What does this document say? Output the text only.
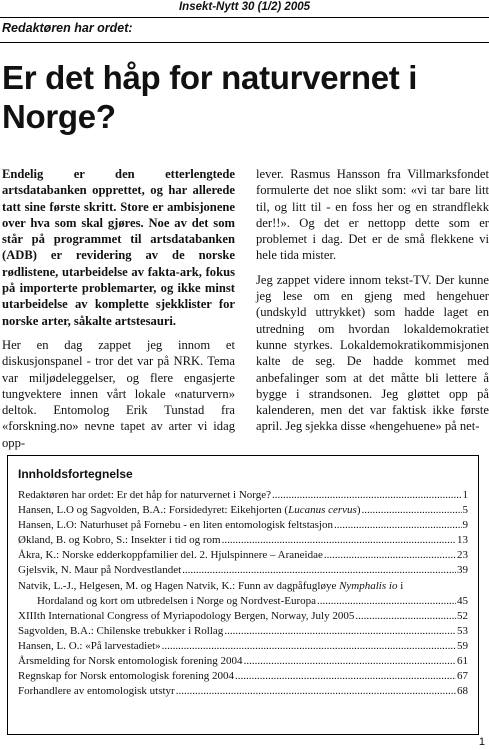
Insekt-Nytt 30 (1/2) 2005
Redaktøren har ordet:
Er det håp for naturvernet i Norge?

Endelig er den etterlengtede artsdatabanken opprettet, og har allerede tatt sine første skritt. Store er ambisjonene over hva som skal gjøres. Noe av det som står på programmet til artsdatabanken (ADB) er revidering av de norske rødlistene, utarbeidelse av fakta-ark, fokus på importerte problemarter, og ikke minst utarbeidelse av komplette sjekklister for norske arter, såkalte artstesauri.

Her en dag zappet jeg innom et diskusjonspanel - tror det var på NRK. Tema var miljødeleggelser, og flere engasjerte tungvektere innen vårt lokale «naturvern» deltok. Entomolog Erik Tunstad fra «forskning.no» nevne tapet av arter vi idag opp-

lever. Rasmus Hansson fra Villmarksfondet formulerte det noe slikt som: «vi tar bare litt til, og litt til - en foss her og en strandflekk der!!». Og det er nettopp dette som er problemet i dag. Det er de små flekkene vi hele tida mister.

Jeg zappet videre innom tekst-TV. Der kunne jeg lese om en gjeng med hengehuer (undskyld uttrykket) som hadde laget en utredning om hvordan lokaldemokratiet kunne styrkes. Lokaldemokratikommisjonen kalte de seg. De hadde kommet med anbefalinger som at det måtte bli lettere å bygge i strandsonen. Jeg gløttet opp på kalenderen, men det var faktisk ikke første april. Jeg sjekka disse «hengehuene» på net-

Innholdsfortegnelse
Redaktøren har ordet: Er det håp for naturvernet i Norge? .....	1
Hansen, L.O og Sagvolden, B.A.: Forsidedyret: Eikehjorten (Lucanus cervus) .....	5
Hansen, L.O: Naturhuset på Fornebu - en liten entomologisk feltstasjon .....	9
Økland, B. og Kobro, S.: Insekter i tid og rom .....	13
Åkra, K.: Norske edderkoppfamilier del. 2. Hjulspinnere – Araneidae .....	23
Gjelsvik, N. Maur på Nordvestlandet .....	39
Natvik, L.-J., Helgesen, M. og Hagen Natvik, K.: Funn av dagpåfugløye Nymphalis io i
Hordaland og kort om utbredelsen i Norge og Nordvest-Europa .....	45
XIIIth International Congress of Myriapodology Bergen, Norway, July 2005 .....	52
Sagvolden, B.A.: Chilenske trebukker i Rollag .....	53
Hansen, L. O.: «På larvestadiet» .....	59
Årsmelding for Norsk entomologisk forening 2004 .....	61
Regnskap for Norsk entomologisk forening 2004 .....	67
Forhandlere av entomologisk utstyr .....	68
1
